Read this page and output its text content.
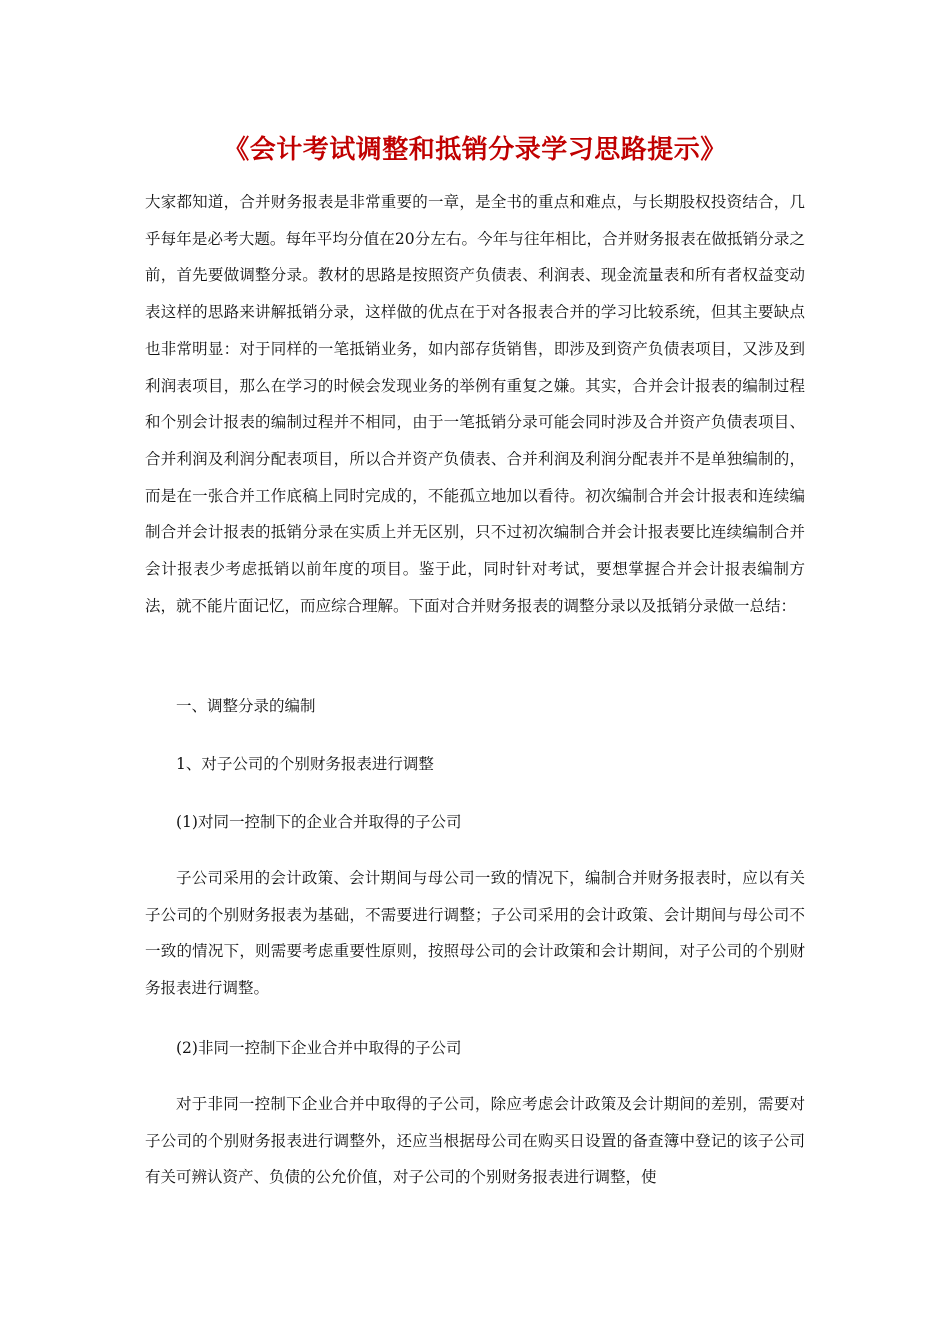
《会计考试调整和抵销分录学习思路提示》

大家都知道，合并财务报表是非常重要的一章，是全书的重点和难点，与长期股权投资结合，几乎每年是必考大题。每年平均分值在20分左右。今年与往年相比，合并财务报表在做抵销分录之前，首先要做调整分录。教材的思路是按照资产负债表、利润表、现金流量表和所有者权益变动表这样的思路来讲解抵销分录，这样做的优点在于对各报表合并的学习比较系统，但其主要缺点也非常明显：对于同样的一笔抵销业务，如内部存货销售，即涉及到资产负债表项目，又涉及到利润表项目，那么在学习的时候会发现业务的举例有重复之嫌。其实，合并会计报表的编制过程和个别会计报表的编制过程并不相同，由于一笔抵销分录可能会同时涉及合并资产负债表项目、合并利润及利润分配表项目，所以合并资产负债表、合并利润及利润分配表并不是单独编制的，而是在一张合并工作底稿上同时完成的，不能孤立地加以看待。初次编制合并会计报表和连续编制合并会计报表的抵销分录在实质上并无区别，只不过初次编制合并会计报表要比连续编制合并会计报表少考虑抵销以前年度的项目。鉴于此，同时针对考试，要想掌握合并会计报表编制方法，就不能片面记忆，而应综合理解。下面对合并财务报表的调整分录以及抵销分录做一总结：

一、调整分录的编制

1、对子公司的个别财务报表进行调整

(1)对同一控制下的企业合并取得的子公司

子公司采用的会计政策、会计期间与母公司一致的情况下，编制合并财务报表时，应以有关子公司的个别财务报表为基础，不需要进行调整；子公司采用的会计政策、会计期间与母公司不一致的情况下，则需要考虑重要性原则，按照母公司的会计政策和会计期间，对子公司的个别财务报表进行调整。

(2)非同一控制下企业合并中取得的子公司

对于非同一控制下企业合并中取得的子公司，除应考虑会计政策及会计期间的差别，需要对子公司的个别财务报表进行调整外，还应当根据母公司在购买日设置的备查簿中登记的该子公司有关可辨认资产、负债的公允价值，对子公司的个别财务报表进行调整，使
